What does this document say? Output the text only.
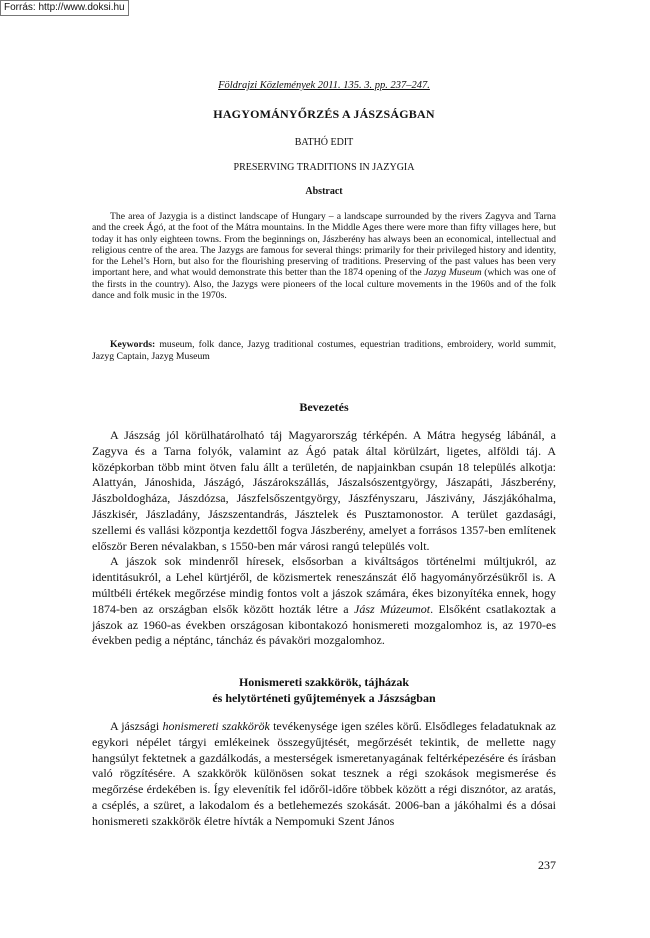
Forrás: http://www.doksi.hu
Földrajzi Közlemények 2011. 135. 3. pp. 237–247.
HAGYOMÁNYŐRZÉS A JÁSZSÁGBAN
BATHÓ EDIT
PRESERVING TRADITIONS IN JAZYGIA
Abstract

The area of Jazygia is a distinct landscape of Hungary – a landscape surrounded by the rivers Zagyva and Tarna and the creek Ágó, at the foot of the Mátra mountains. In the Middle Ages there were more than fifty villages here, but today it has only eighteen towns. From the beginnings on, Jászberény has always been an economical, intellectual and religious centre of the area. The Jazygs are famous for several things: primarily for their privileged history and identity, for the Lehel’s Horn, but also for the flourishing preserving of traditions. Preserving of the past values has been very important here, and what would demonstrate this better than the 1874 opening of the Jazyg Museum (which was one of the firsts in the country). Also, the Jazygs were pioneers of the local culture movements in the 1960s and of the folk dance and folk music in the 1970s.

Keywords: museum, folk dance, Jazyg traditional costumes, equestrian traditions, embroidery, world summit, Jazyg Captain, Jazyg Museum

Bevezetés

A Jászság jól körülhatárolható táj Magyarország térképén. A Mátra hegység lábánál, a Zagyva és a Tarna folyók, valamint az Ágó patak által körülzárt, ligetes, alföldi táj. A középkorban több mint ötven falu állt a területén, de napjainkban csupán 18 település alkotja: Alattyán, Jánoshida, Jászágó, Jászárokszállás, Jászalsószentgyörgy, Jászapáti, Jászberény, Jászboldogháza, Jászdózsa, Jászfelsőszentgyörgy, Jászfényszaru, Jászivány, Jászjákóhalma, Jászkisér, Jászladány, Jászszentandrás, Jásztelek és Pusztamonostor. A terület gazdasági, szellemi és vallási központja kezdettől fogva Jászberény, amelyet a forrásos 1357-ben említenek először Beren névalakban, s 1550-ben már városi rangú település volt.

A jászok sok mindenről híresek, elsősorban a kiváltságos történelmi múltjukról, az identitásukról, a Lehel kürtjéről, de közismertek reneszánszát élő hagyományőrzésükről is. A múltbéli értékek megőrzése mindig fontos volt a jászok számára, ékes bizonyítéka ennek, hogy 1874-ben az országban elsők között hozták létre a Jász Múzeumot. Elsőként csatlakoztak a jászok az 1960-as években országosan kibontakozó honismereti mozgalomhoz is, az 1970-es években pedig a néptánc, táncház és pávaköri mozgalomhoz.

Honismereti szakkörök, tájházak
és helytörténeti gyűjtemények a Jászságban

A jászsági honismereti szakkörök tevékenysége igen széles körű. Elsődleges feladatuknak az egykori népélet tárgyi emlékeinek összegyűjtését, megőrzését tekintik, de mellette nagy hangsúlyt fektetnek a gazdálkodás, a mesterségek ismeretanyagának feltérképezésére és írásban való rögzítésére. A szakkörök különösen sokat tesznek a régi szokások megismerése és megőrzése érdekében is. Így elevenítik fel időről-időre többek között a régi disznótor, az aratás, a cséplés, a szüret, a lakodalom és a betlehemezés szokását. 2006-ban a jákóhalmi és a dósai honismereti szakkörök életre hívták a Nempomuki Szent János

237
